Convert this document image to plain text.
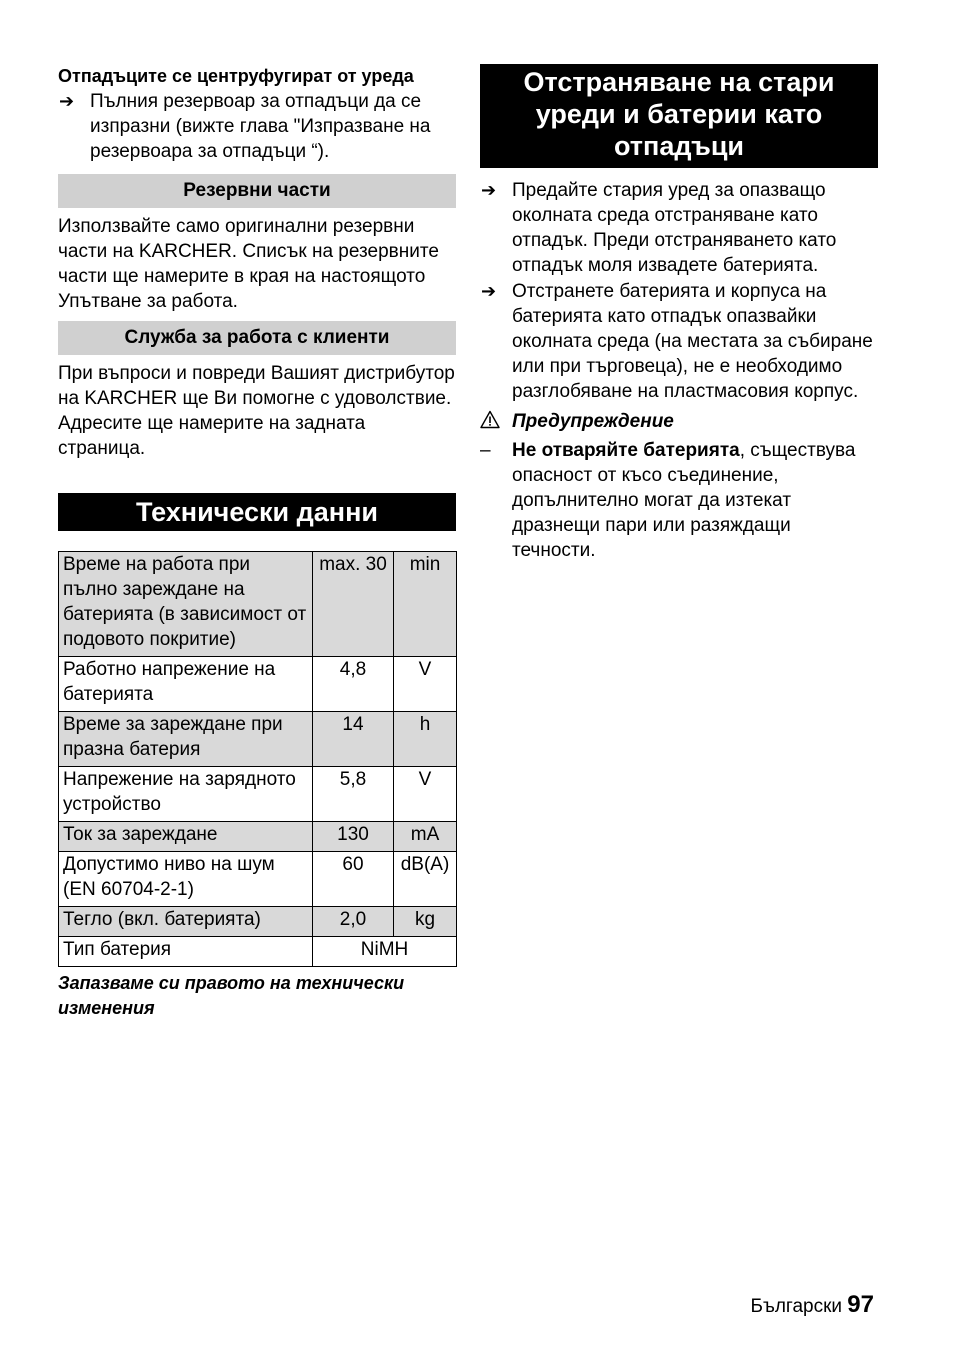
Отпадъците се центруфугират от уреда

➔ Пълния резервоар за отпадъци да се изпразни (вижте глава "Изпразване на резервоара за отпадъци “).
Резервни части

Използвайте само оригинални резервни части на KARCHER. Списък на резервните части ще намерите в края на настоящото Упътване за работа.

Служба за работа с клиенти

При въпроси и повреди Вашият дистрибутор на KARCHER ще Ви помогне с удоволствие. Адресите ще намерите на задната страница.

Технически данни
Време на работа при пълно зареждане на батерията (в зависимост от подовото покритие)	max. 30	min
Работно напрежение на батерията	4,8	V
Време за зареждане при празна батерия	14	h
Напрежение на зарядното устройство	5,8	V
Ток за зареждане	130	mA
Допустимо ниво на шум (EN 60704-2-1)	60	dB(A)
Тегло (вкл. батерията)	2,0	kg
Тип батерия	NiMH	

Запазваме си правото на технически изменения

Отстраняване на стари уреди и батерии като отпадъци
➔ Предайте стария уред за опазващо околната среда отстраняване като отпадък. Преди отстраняването като отпадък моля извадете батерията.
➔ Отстранете батерията и корпуса на батерията като отпадък опазвайки околната среда (на местата за събиране или при търговеца), не е необходимо разглобяване на пластмасовия корпус.
Предупреждение
– Не отваряйте батерията, съществува опасност от късо съединение, допълнително могат да изтекат дразнещи пари или разяждащи течности.
Български 97
